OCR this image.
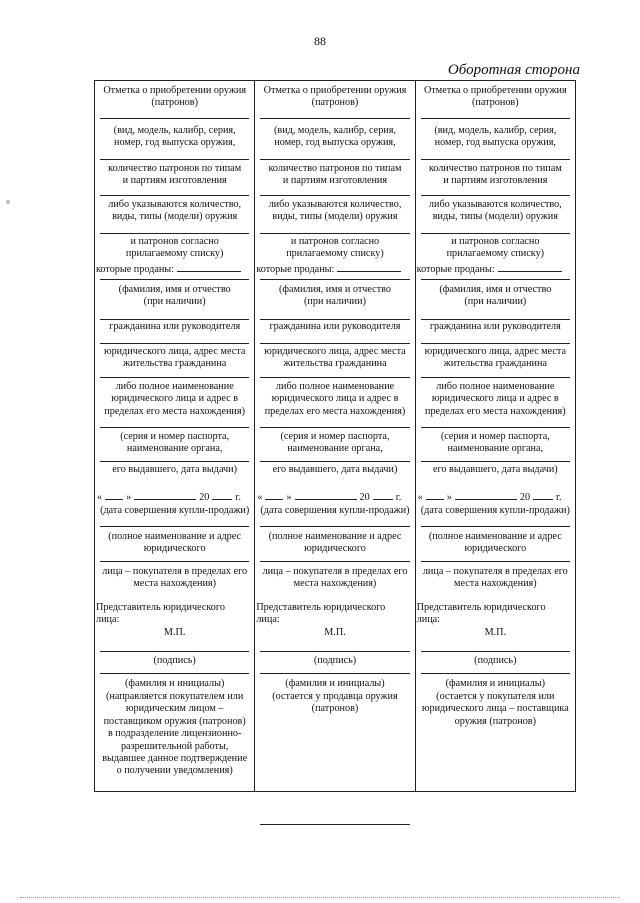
88
Оборотная сторона
Отметка о приобретении оружия
(патронов)
(вид, модель, калибр, серия,
номер, год выпуска оружия,
количество патронов по типам
и партиям изготовления
либо указываются количество,
виды, типы (модели) оружия
и патронов согласно
прилагаемому списку)
которые проданы:
(фамилия, имя и отчество
(при наличии)
гражданина или руководителя
юридического лица, адрес места
жительства гражданина
либо полное наименование
юридического лица и адрес в
пределах его места нахождения)
(серия и номер паспорта,
наименование органа,
его выдавшего, дата выдачи)
« »	20	г.
(дата совершения купли-продажи)
(полное наименование и адрес
юридического
лица – покупателя в пределах его
места нахождения)
Представитель юридического
лица:
М.П.
(подпись)
(фамилия и инициалы)
(направляется покупателем или
юридическим лицом –
поставщиком оружия (патронов)
в подразделение лицензионно-
разрешительной работы,
выдавшее данное подтверждение
о получении уведомления)
Отметка о приобретении оружия
(патронов)
(вид, модель, калибр, серия,
номер, год выпуска оружия,
количество патронов по типам
и партиям изготовления
либо указываются количество,
виды, типы (модели) оружия
и патронов согласно
прилагаемому списку)
которые проданы:
(фамилия, имя и отчество
(при наличии)
гражданина или руководителя
юридического лица, адрес места
жительства гражданина
либо полное наименование
юридического лица и адрес в
пределах его места нахождения)
(серия и номер паспорта,
наименование органа,
его выдавшего, дата выдачи)
« »	20	г.
(дата совершения купли-продажи)
(полное наименование и адрес
юридического
лица – покупателя в пределах его
места нахождения)
Представитель юридического
лица:
М.П.
(подпись)
(фамилия и инициалы)
(остается у продавца оружия
(патронов)
Отметка о приобретении оружия
(патронов)
(вид, модель, калибр, серия,
номер, год выпуска оружия,
количество патронов по типам
и партиям изготовления
либо указываются количество,
виды, типы (модели) оружия
и патронов согласно
прилагаемому списку)
которые проданы:
(фамилия, имя и отчество
(при наличии)
гражданина или руководителя
юридического лица, адрес места
жительства гражданина
либо полное наименование
юридического лица и адрес в
пределах его места нахождения)
(серия и номер паспорта,
наименование органа,
его выдавшего, дата выдачи)
« »	20	г.
(дата совершения купли-продажи)
(полное наименование и адрес
юридического
лица – покупателя в пределах его
места нахождения)
Представитель юридического
лица:
М.П.
(подпись)
(фамилия и инициалы)
(остается у покупателя или
юридического лица – поставщика
оружия (патронов)
